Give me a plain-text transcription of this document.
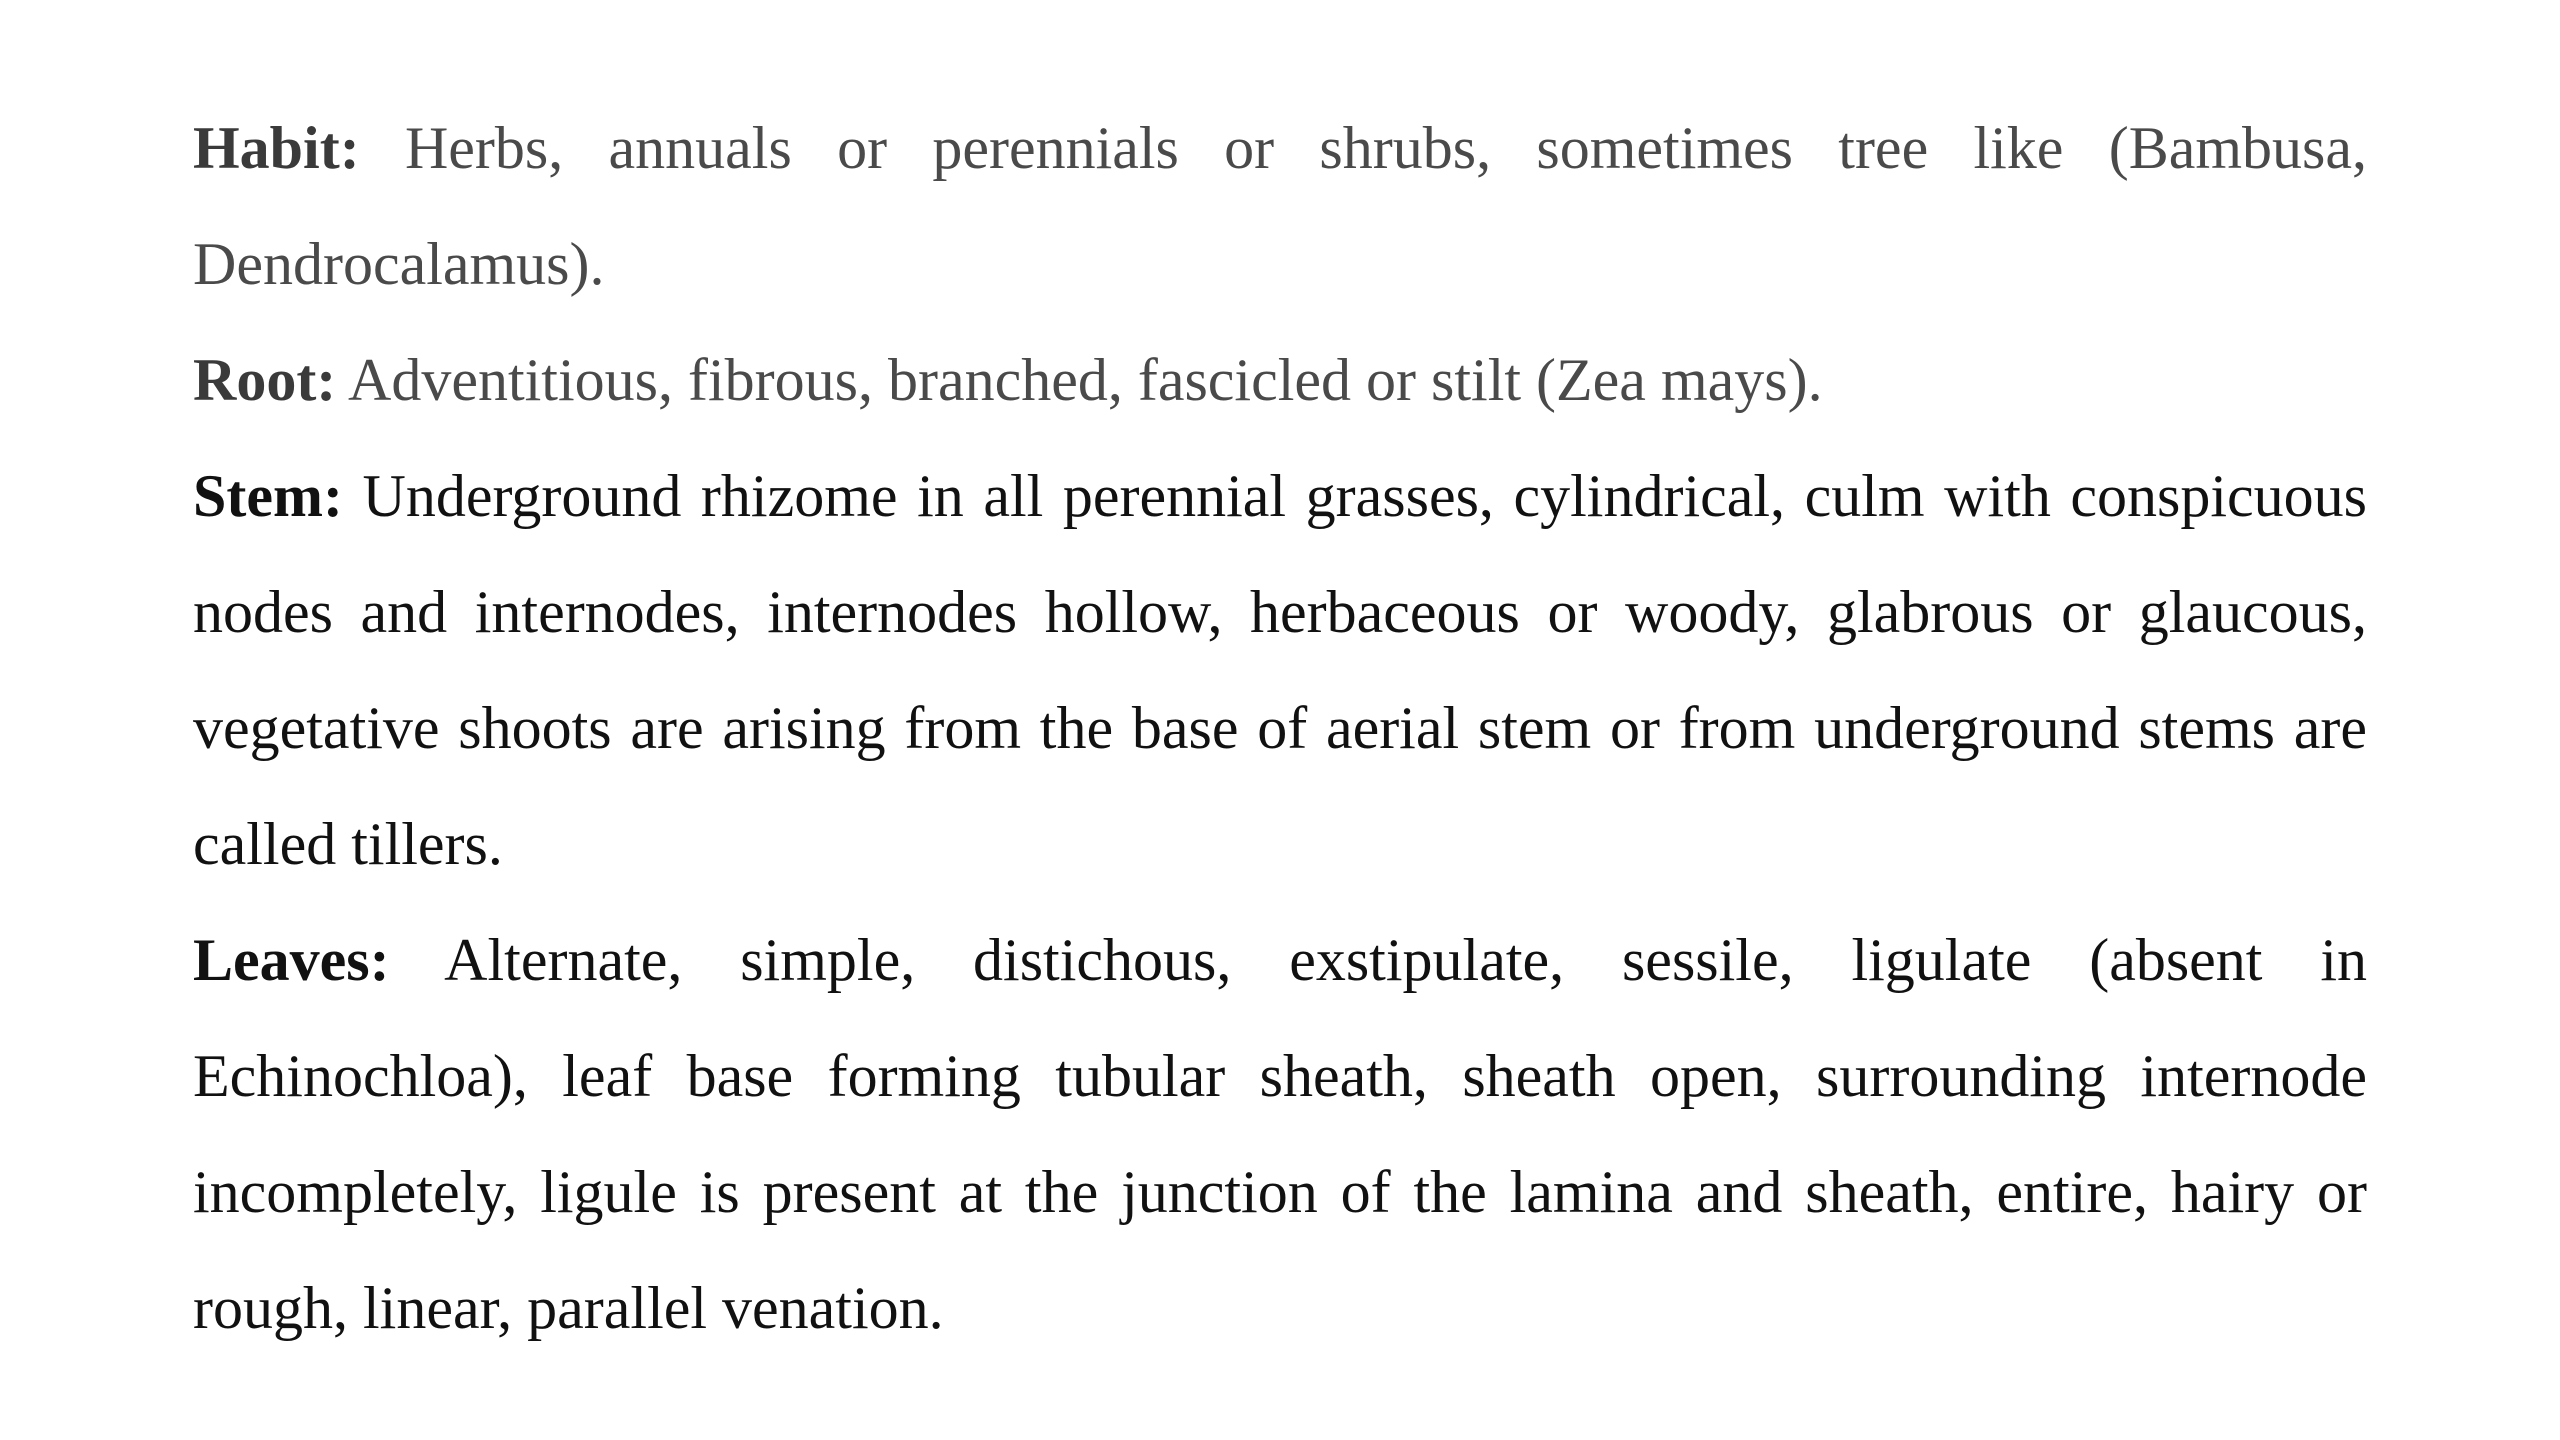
Habit: Herbs, annuals or perennials or shrubs, sometimes tree like (Bambusa, Dendrocalamus).

Root: Adventitious, fibrous, branched, fascicled or stilt (Zea mays).

Stem: Underground rhizome in all perennial grasses, cylindrical, culm with conspicuous nodes and internodes, internodes hollow, herbaceous or woody, glabrous or glaucous, vegetative shoots are arising from the base of aerial stem or from underground stems are called tillers.

Leaves: Alternate, simple, distichous, exstipulate, sessile, ligulate (absent in Echinochloa), leaf base forming tubular sheath, sheath open, surrounding internode incompletely, ligule is present at the junction of the lamina and sheath, entire, hairy or rough, linear, parallel venation.
